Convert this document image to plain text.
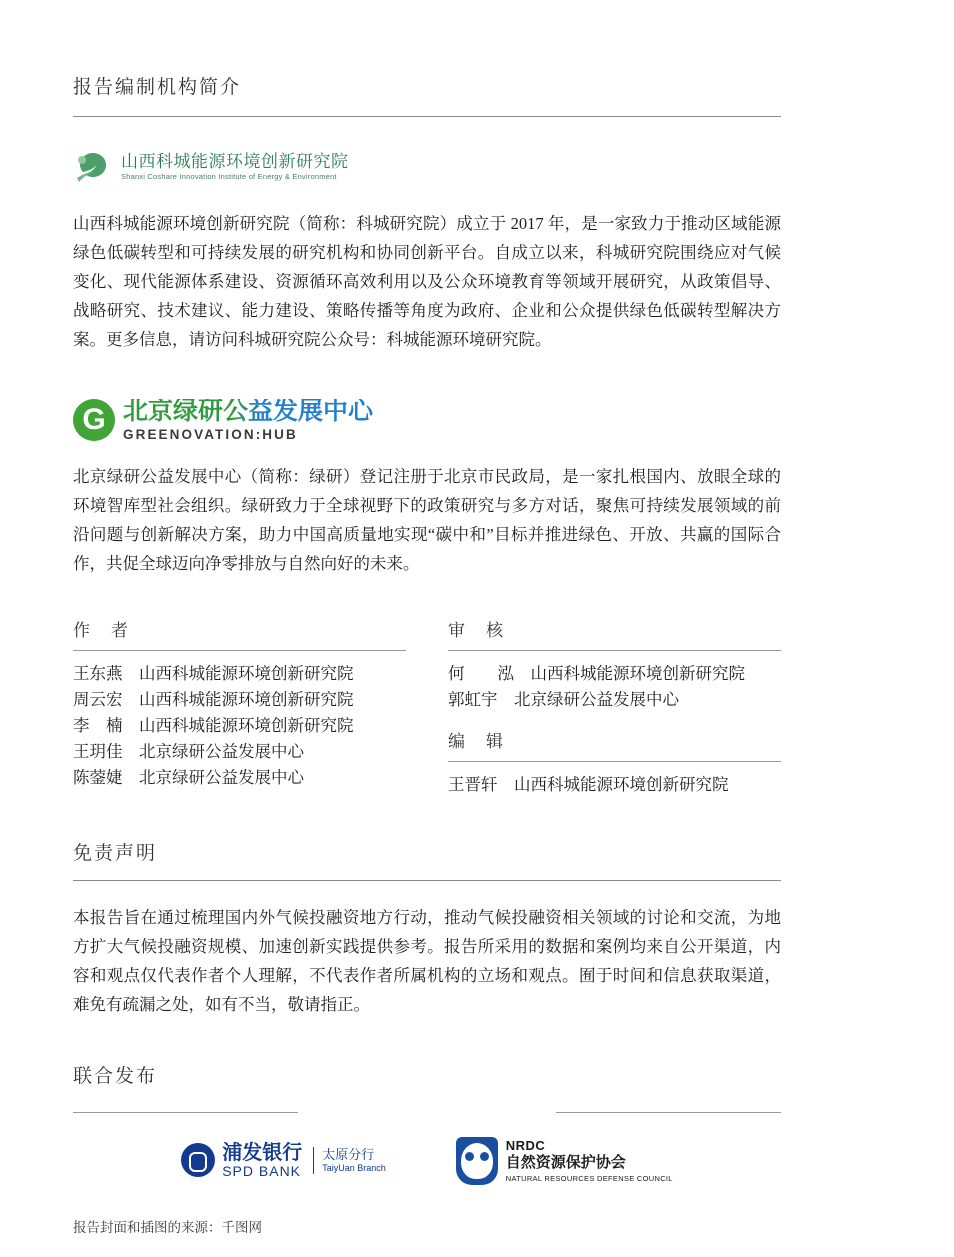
报告编制机构简介
山西科城能源环境创新研究院
Shanxi Coshare Innovation Institute of Energy & Environment

山西科城能源环境创新研究院（简称：科城研究院）成立于 2017 年，是一家致力于推动区域能源绿色低碳转型和可持续发展的研究机构和协同创新平台。自成立以来，科城研究院围绕应对气候变化、现代能源体系建设、资源循环高效利用以及公众环境教育等领域开展研究，从政策倡导、战略研究、技术建议、能力建设、策略传播等角度为政府、企业和公众提供绿色低碳转型解决方案。更多信息，请访问科城研究院公众号：科城能源环境研究院。

G 北京绿研公益发展中心
GREENOVATION:HUB

北京绿研公益发展中心（简称：绿研）登记注册于北京市民政局，是一家扎根国内、放眼全球的环境智库型社会组织。绿研致力于全球视野下的政策研究与多方对话，聚焦可持续发展领域的前沿问题与创新解决方案，助力中国高质量地实现“碳中和”目标并推进绿色、开放、共赢的国际合作，共促全球迈向净零排放与自然向好的未来。

作　者
王东燕　山西科城能源环境创新研究院
周云宏　山西科城能源环境创新研究院
李　楠　山西科城能源环境创新研究院
王玥佳　北京绿研公益发展中心
陈蓥婕　北京绿研公益发展中心
审　核
何　　泓　山西科城能源环境创新研究院
郭虹宇　北京绿研公益发展中心
编　辑
王晋轩　山西科城能源环境创新研究院
免责声明

本报告旨在通过梳理国内外气候投融资地方行动，推动气候投融资相关领域的讨论和交流，为地方扩大气候投融资规模、加速创新实践提供参考。报告所采用的数据和案例均来自公开渠道，内容和观点仅代表作者个人理解，不代表作者所属机构的立场和观点。囿于时间和信息获取渠道，难免有疏漏之处，如有不当，敬请指正。

联合发布
浦发银行
SPD BANK
太原分行
TaiyUan Branch
NRDC
自然资源保护协会
NATURAL RESOURCES DEFENSE COUNCIL
报告封面和插图的来源：千图网
